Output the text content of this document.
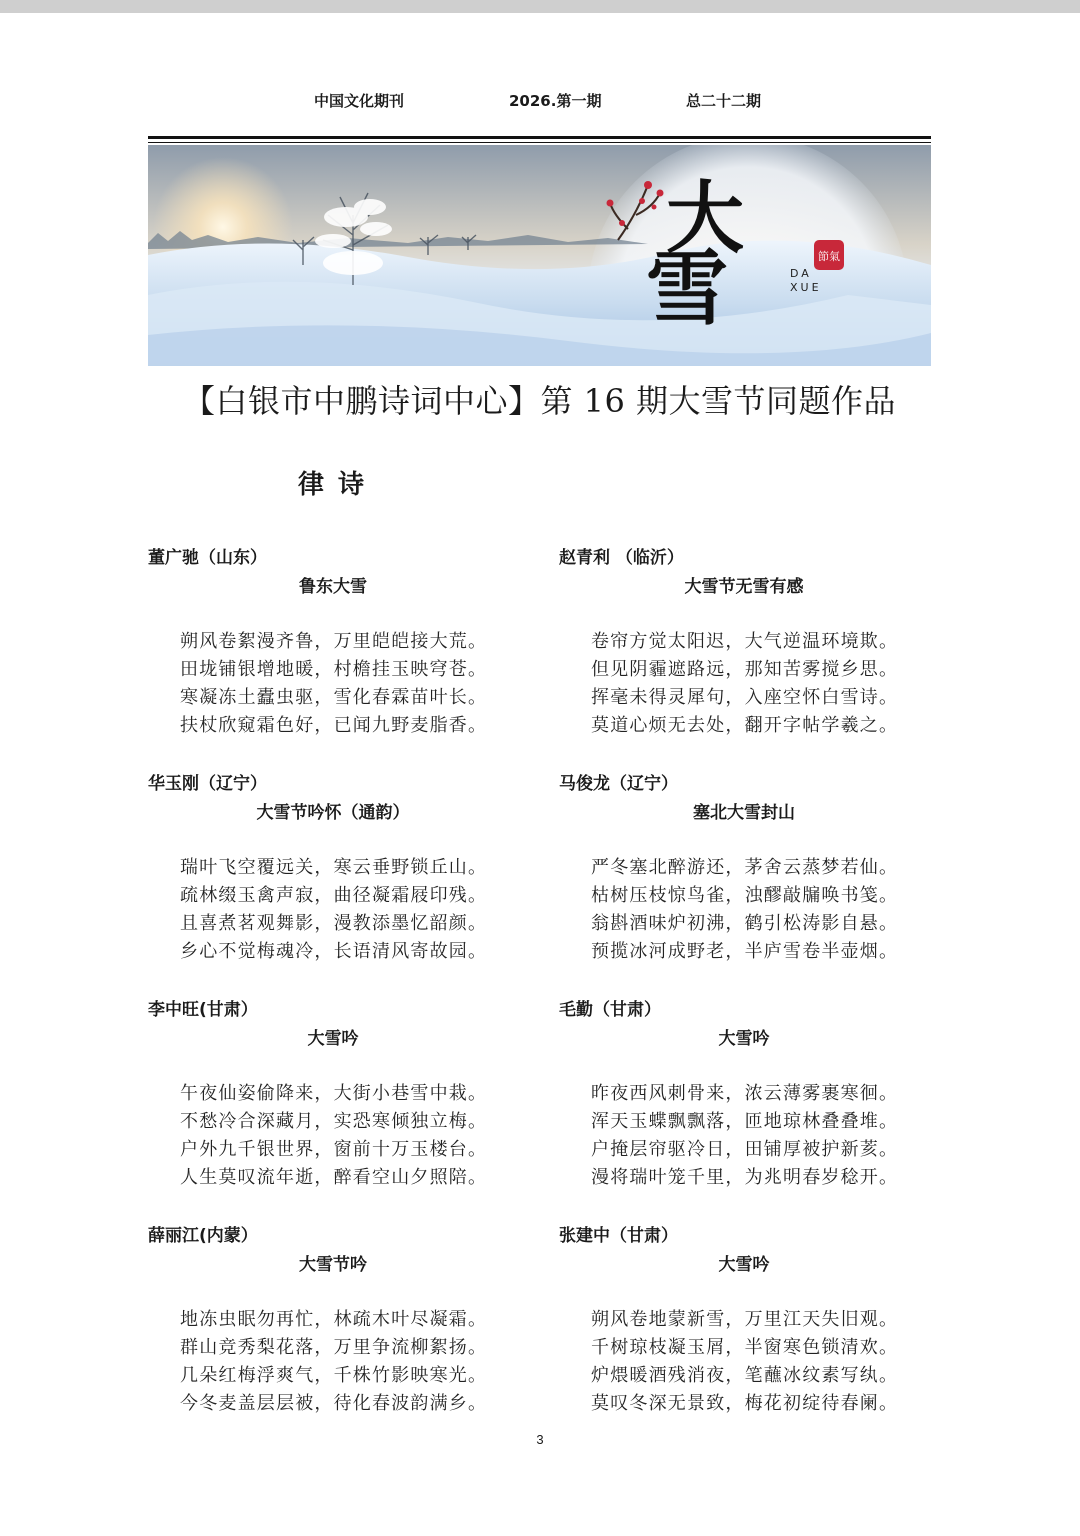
中国文化期刊	2026.第一期	总二十二期
大
雪	節氣
DA
XUE
【白银市中鹏诗词中心】第 16 期大雪节同题作品
律诗
董广驰（山东）
鲁东大雪
朔风卷絮漫齐鲁，万里皑皑接大荒。
田垅铺银增地暖，村檐挂玉映穹苍。
寒凝冻土蠹虫驱，雪化春霖苗叶长。
扶杖欣窥霜色好，已闻九野麦脂香。
赵青利 （临沂）
大雪节无雪有感
卷帘方觉太阳迟，大气逆温环境欺。
但见阴霾遮路远，那知苦雾搅乡思。
挥毫未得灵犀句，入座空怀白雪诗。
莫道心烦无去处，翻开字帖学羲之。
华玉刚（辽宁）
大雪节吟怀（通韵）
瑞叶飞空覆远关，寒云垂野锁丘山。
疏林缀玉禽声寂，曲径凝霜屐印残。
且喜煮茗观舞影，漫教添墨忆韶颜。
乡心不觉梅魂冷，长语清风寄故园。
马俊龙（辽宁）
塞北大雪封山
严冬塞北醉游还，茅舍云蒸梦若仙。
枯树压枝惊鸟雀，浊醪敲牖唤书笺。
翁斟酒味炉初沸，鹤引松涛影自悬。
预揽冰河成野老，半庐雪卷半壶烟。
李中旺(甘肃）
大雪吟
午夜仙姿偷降来，大街小巷雪中栽。
不愁冷合深藏月，实恐寒倾独立梅。
户外九千银世界，窗前十万玉楼台。
人生莫叹流年逝，醉看空山夕照陪。
毛勤（甘肃）
大雪吟
昨夜西风刺骨来，浓云薄雾裹寒徊。
浑天玉蝶飘飘落，匝地琼林叠叠堆。
户掩层帘驱冷日，田铺厚被护新荄。
漫将瑞叶笼千里，为兆明春岁稔开。
薛丽江(内蒙）
大雪节吟
地冻虫眠勿再忙，林疏木叶尽凝霜。
群山竞秀梨花落，万里争流柳絮扬。
几朵红梅浮爽气，千株竹影映寒光。
今冬麦盖层层被，待化春波韵满乡。
张建中（甘肃）
大雪吟
朔风卷地蒙新雪，万里江天失旧观。
千树琼枝凝玉屑，半窗寒色锁清欢。
炉煨暖酒残消夜，笔蘸冰纹素写纨。
莫叹冬深无景致，梅花初绽待春阑。
3
